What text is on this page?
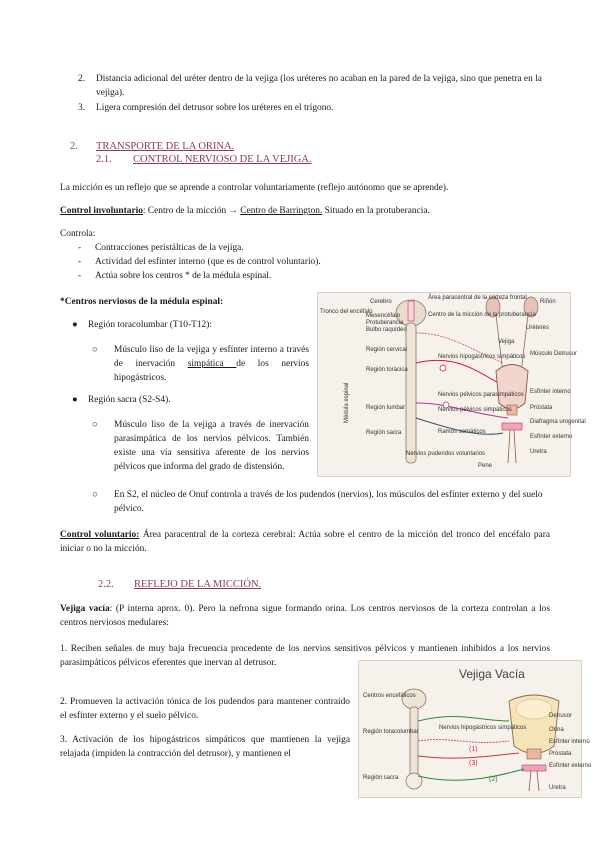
2. Distancia adicional del uréter dentro de la vejiga (los uréteres no acaban en la pared de la vejiga, sino que penetra en la vejiga).
3. Ligera compresión del detrusor sobre los uréteres en el trígono.
2. TRANSPORTE DE LA ORINA.
2.1. CONTROL NERVIOSO DE LA VEJIGA.
La micción es un reflejo que se aprende a controlar voluntariamente (reflejo autónomo que se aprende).
Control involuntario: Centro de la micción → Centro de Barrington. Situado en la protuberancia.
Controla:
- Contracciones peristálticas de la vejiga.
- Actividad del esfínter interno (que es de control voluntario).
- Actúa sobre los centros * de la médula espinal.
*Centros nerviosos de la médula espinal:
● Región toracolumbar (T10-T12):
○ Músculo liso de la vejiga y esfínter interno a través de inervación simpática de los nervios hipogástricos.
● Región sacra (S2-S4).
○ Músculo liso de la vejiga a través de inervación parasimpática de los nervios pélvicos. También existe una vía sensitiva aferente de los nervios pélvicos que informa del grado de distensión.
○ En S2, el núcleo de Onuf controla a través de los pudendos (nervios), los músculos del esfínter externo y del suelo pélvico.
Cerebro
Tronco del encéfalo
Mesencéfalo
Protuberancia
Bulbo raquídeo
Área paracentral de la corteza frontal
Centro de la micción de la protuberancia
Región cervical
Región torácica
Región lumbar
Región sacra
Médula espinal
Nervios hipogástricos simpáticos
Nervios pélvicos parasimpáticos
Nervios pélvicos simpáticos
Ramos somáticos
Nervios pudendos voluntarios
Riñón
Uréteres
Vejiga
Músculo Detrusor
Esfínter interno
Próstata
Diafragma urogenital
Esfínter externo
Uretra
Pene
Control voluntario: Área paracentral de la corteza cerebral: Actúa sobre el centro de la micción del tronco del encéfalo para iniciar o no la micción.
2.2. REFLEJO DE LA MICCIÓN.
Vejiga vacía: (P interna aprox. 0). Pero la nefrona sigue formando orina. Los centros nerviosos de la corteza controlan a los centros nerviosos medulares:
1. Reciben señales de muy baja frecuencia procedente de los nervios sensitivos pélvicos y mantienen inhibidos a los nervios parasimpáticos pélvicos eferentes que inervan al detrusor.
2. Promueven la activación tónica de los pudendos para mantener contraído el esfínter externo y el suelo pélvico.
3. Activación de los hipogástricos simpáticos que mantienen la vejiga relajada (impiden la contracción del detrusor), y mantienen el
Vejiga Vacía
Centros encefálicos
Región toracolumbar
Región sacra
Nervios hipogástricos simpáticos
Detrusor
Orina
Esfínter interno
Próstata
Esfínter externo
Uretra
(1)
(3)
(2)
